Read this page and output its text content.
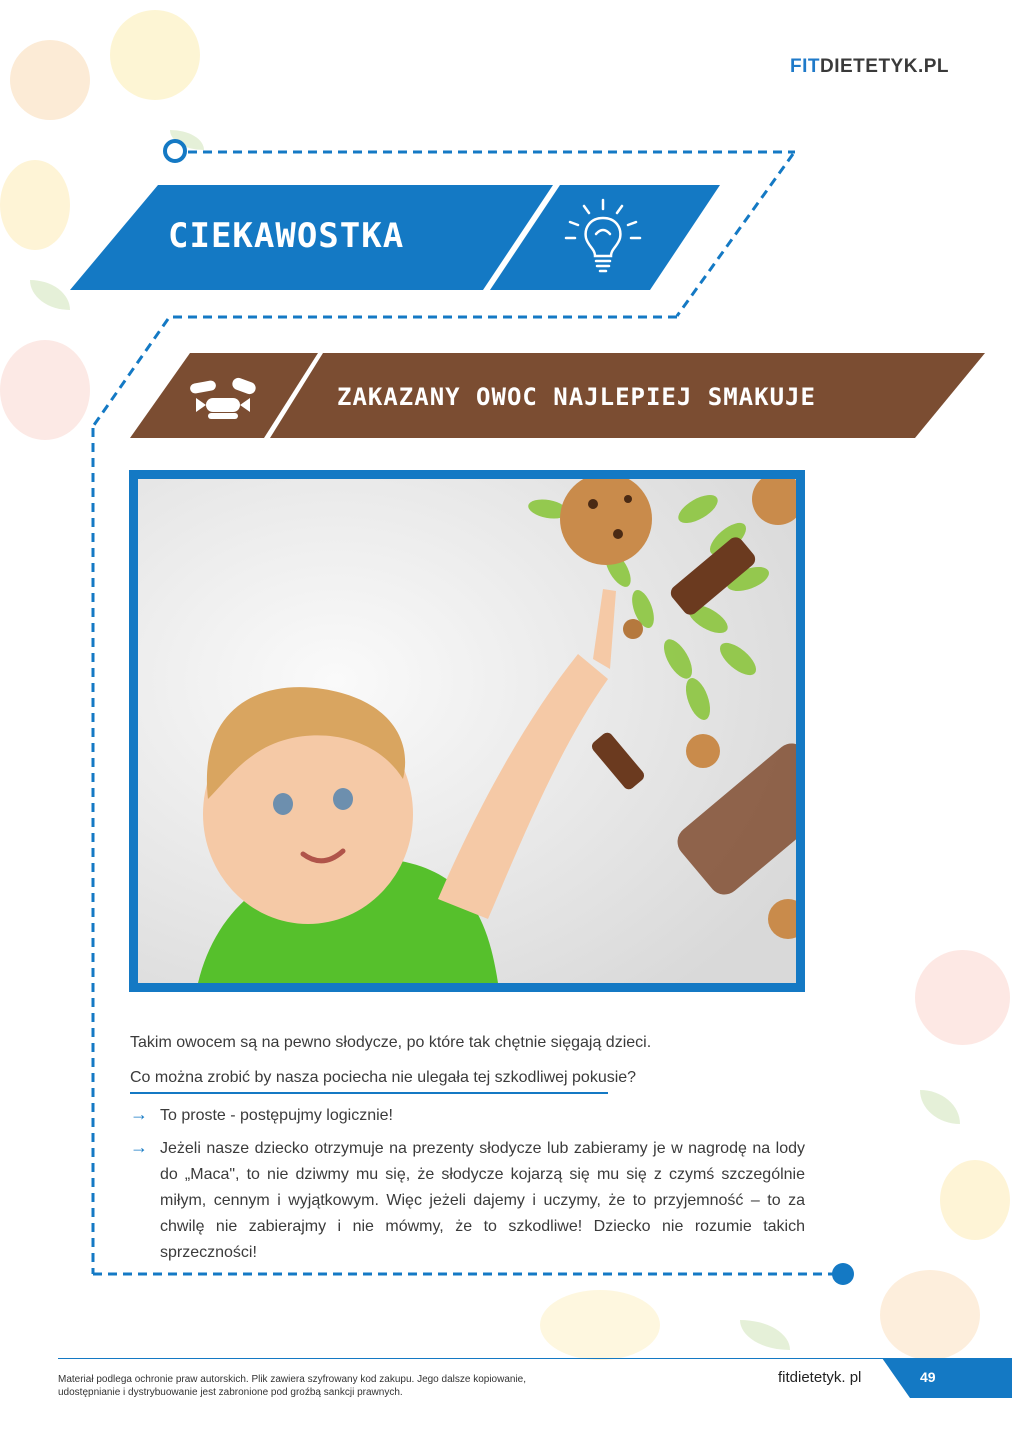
FITDIETETYK.PL
CIEKAWOSTKA
ZAKAZANY OWOC NAJLEPIEJ SMAKUJE
Takim owocem są na pewno słodycze, po które tak chętnie sięgają dzieci.
Co można zrobić by nasza pociecha nie ulegała tej szkodliwej pokusie?
→ To proste - postępujmy logicznie!
→ Jeżeli nasze dziecko otrzymuje na prezenty słodycze lub zabieramy je w nagrodę na lody do „Maca", to nie dziwmy mu się, że słodycze kojarzą się mu się z czymś szczególnie miłym, cennym i wyjątkowym. Więc jeżeli dajemy i uczymy, że to przyjemność – to za chwilę nie zabierajmy i nie mówmy, że to szkodliwe! Dziecko nie rozumie takich sprzeczności!
Materiał podlega ochronie praw autorskich. Plik zawiera szyfrowany kod zakupu. Jego dalsze kopiowanie,
udostępnianie i dystrybuowanie jest zabronione pod groźbą sankcji prawnych.
fitdietetyk. pl	49
